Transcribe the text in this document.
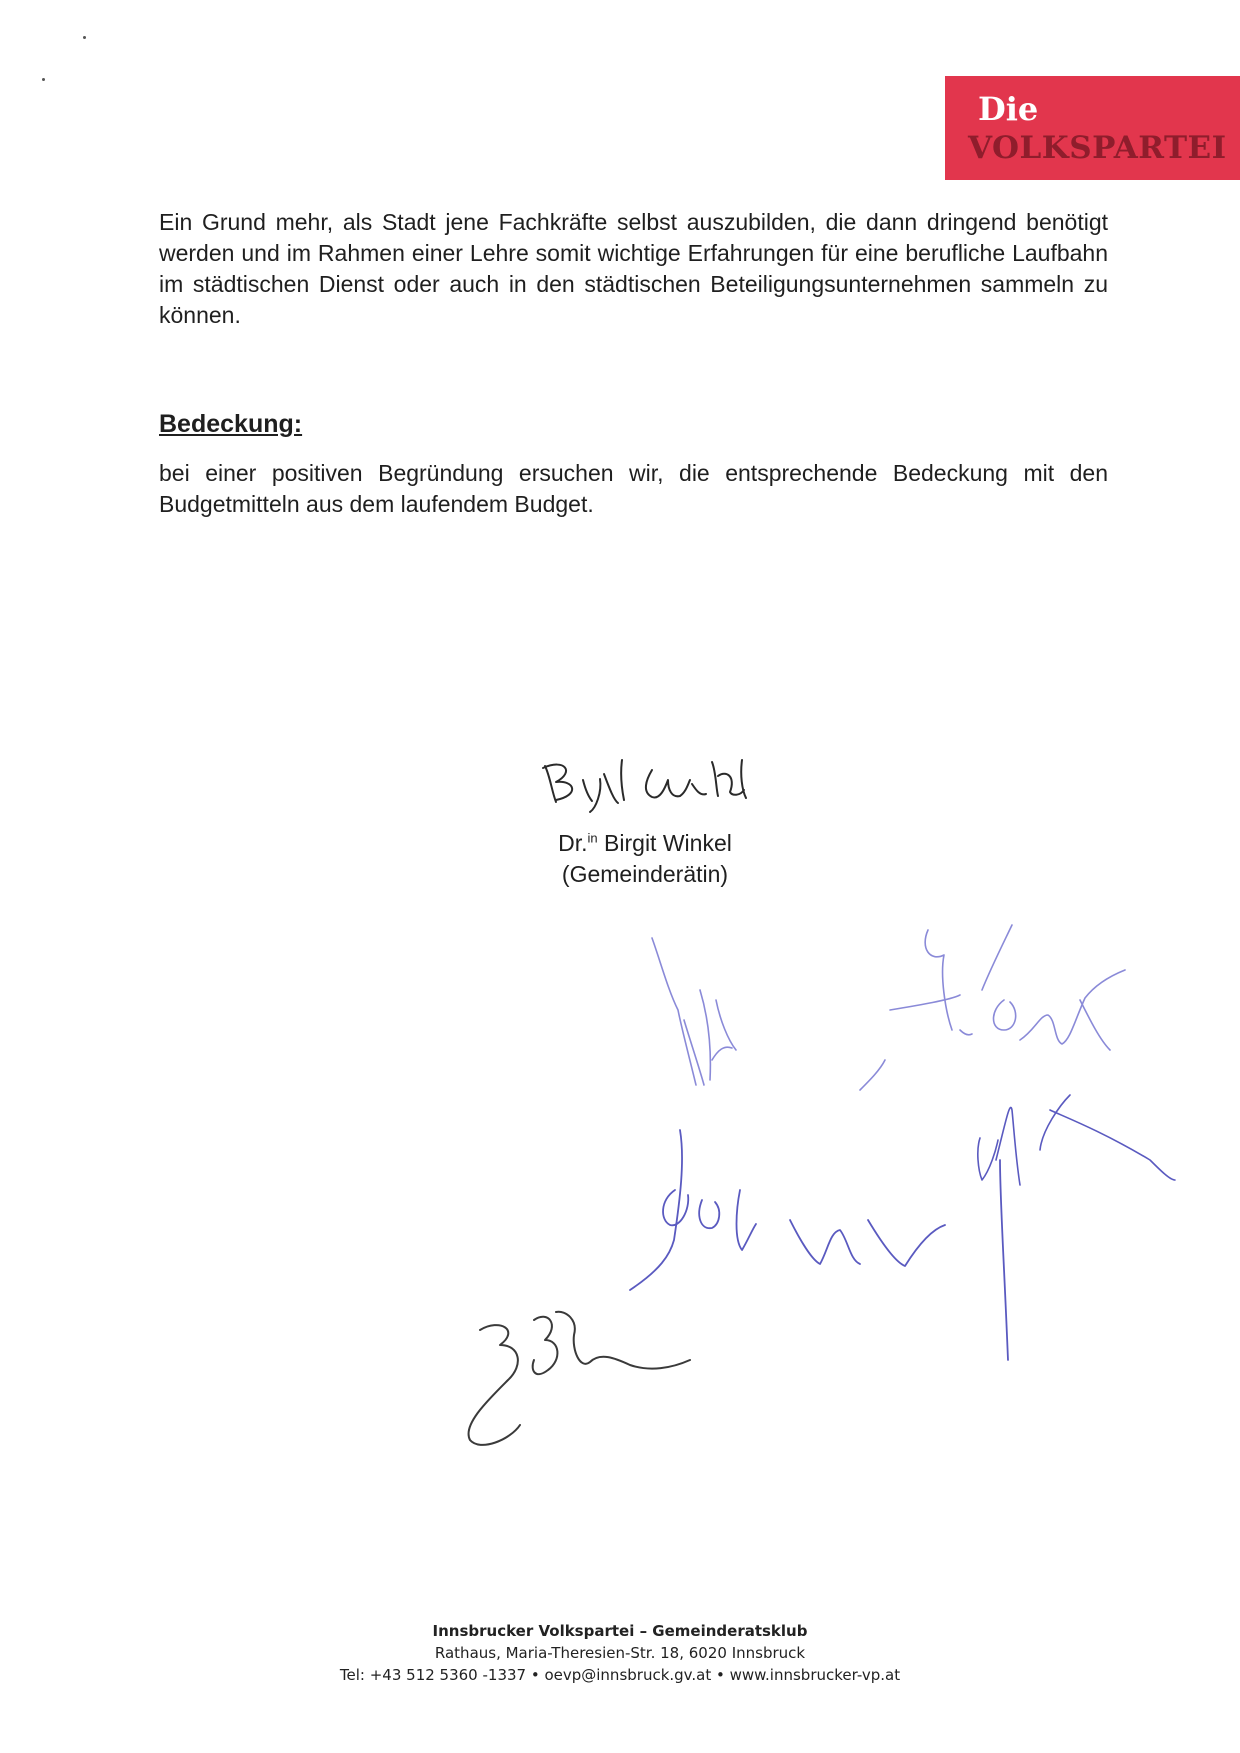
Die
VOLKSPARTEI
Ein Grund mehr, als Stadt jene Fachkräfte selbst auszubilden, die dann dringend benötigt werden und im Rahmen einer Lehre somit wichtige Erfahrungen für eine berufliche Laufbahn im städtischen Dienst oder auch in den städtischen Beteiligungsunternehmen sammeln zu können.
Bedeckung:
bei einer positiven Begründung ersuchen wir, die entsprechende Bedeckung mit den Budgetmitteln aus dem laufendem Budget.
Dr.$^{in}$ Birgit Winkel
(Gemeinderätin)
Innsbrucker Volkspartei – Gemeinderatsklub
Rathaus, Maria-Theresien-Str. 18, 6020 Innsbruck
Tel: +43 512 5360 -1337 • oevp@innsbruck.gv.at • www.innsbrucker-vp.at
